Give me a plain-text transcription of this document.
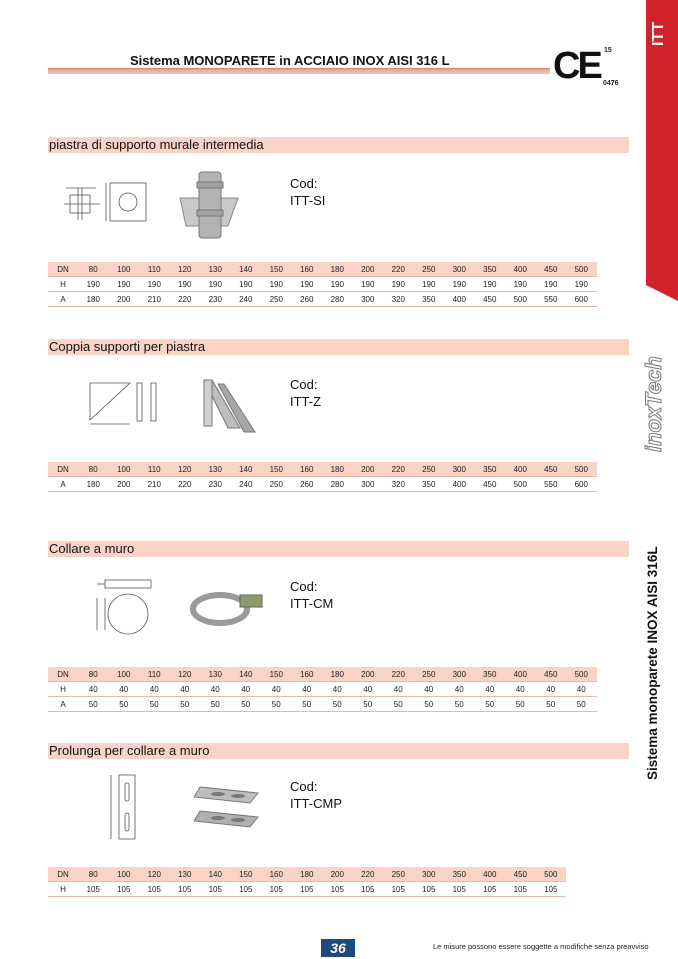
Sistema MONOPARETE in ACCIAIO INOX AISI 316 L	CE 15
0476
ITT
inoxTech
Sistema monoparete INOX AISI 316L
piastra di supporto murale intermedia
Cod:
ITT-SI
DN	80	100	110	120	130	140	150	160	180	200	220	250	300	350	400	450	500
H	190	190	190	190	190	190	190	190	190	190	190	190	190	190	190	190	190
A	180	200	210	220	230	240	250	260	280	300	320	350	400	450	500	550	600
Coppia supporti per piastra
Cod:
ITT-Z
DN	80	100	110	120	130	140	150	160	180	200	220	250	300	350	400	450	500
A	180	200	210	220	230	240	250	260	280	300	320	350	400	450	500	550	600
Collare a muro
Cod:
ITT-CM
DN	80	100	110	120	130	140	150	160	180	200	220	250	300	350	400	450	500
H	40	40	40	40	40	40	40	40	40	40	40	40	40	40	40	40	40
A	50	50	50	50	50	50	50	50	50	50	50	50	50	50	50	50	50
Prolunga per collare a muro
Cod:
ITT-CMP
DN	80	100	120	130	140	150	160	180	200	220	250	300	350	400	450	500
H	105	105	105	105	105	105	105	105	105	105	105	105	105	105	105	105
36	Le misure possono essere soggette a modifiche senza preavviso
